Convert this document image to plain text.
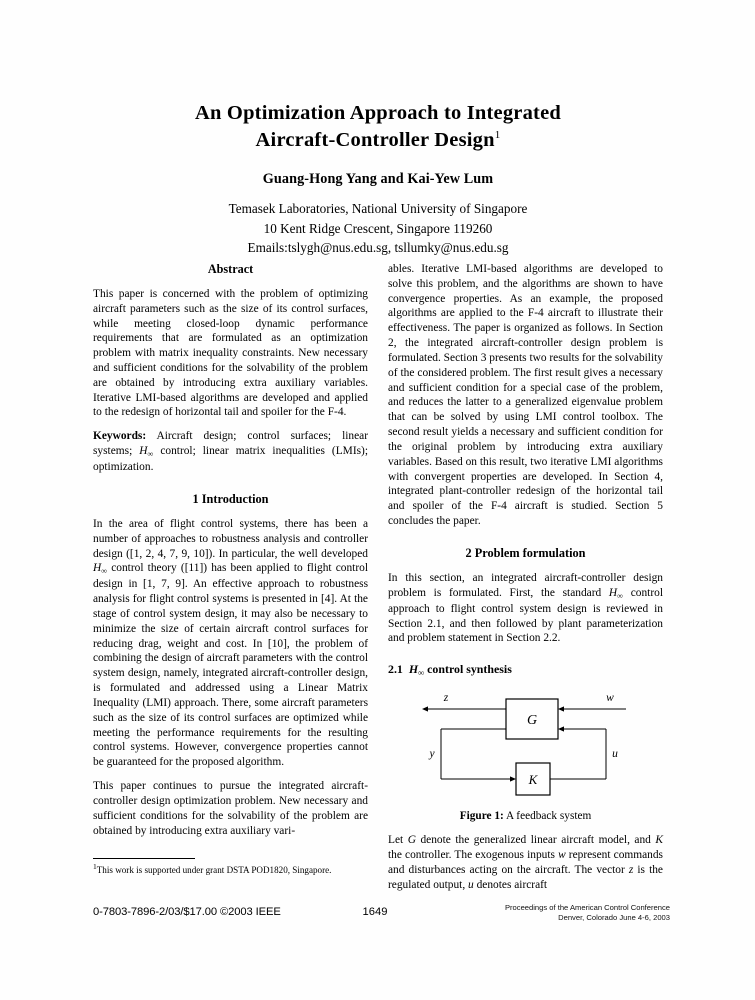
An Optimization Approach to Integrated
Aircraft-Controller Design$^1$
Guang-Hong Yang and Kai-Yew Lum
Temasek Laboratories, National University of Singapore
10 Kent Ridge Crescent, Singapore 119260
Emails:tslygh@nus.edu.sg, tsllumky@nus.edu.sg
Abstract

This paper is concerned with the problem of optimizing aircraft parameters such as the size of its control surfaces, while meeting closed-loop dynamic performance requirements that are formulated as an optimization problem with matrix inequality constraints. New necessary and sufficient conditions for the solvability of the problem are obtained by introducing extra auxiliary variables. Iterative LMI-based algorithms are developed and applied to the redesign of horizontal tail and spoiler for the F-4.

Keywords: Aircraft design; control surfaces; linear systems; $H_\infty$ control; linear matrix inequalities (LMIs); optimization.

1 Introduction

In the area of flight control systems, there has been a number of approaches to robustness analysis and controller design ([1, 2, 4, 7, 9, 10]). In particular, the well developed $H_\infty$ control theory ([11]) has been applied to flight control design in [1, 7, 9]. An effective approach to robustness analysis for flight control systems is presented in [4]. At the stage of control system design, it may also be necessary to minimize the size of certain aircraft control surfaces for reducing drag, weight and cost. In [10], the problem of combining the design of aircraft parameters with the control system design, namely, integrated aircraft-controller design, is formulated and addressed using a Linear Matrix Inequality (LMI) approach. There, some aircraft parameters such as the size of its control surfaces are optimized while meeting the performance requirements for the resulting control systems. However, convergence properties cannot be guaranteed for the proposed algorithm.

This paper continues to pursue the integrated aircraft-controller design optimization problem. New necessary and sufficient conditions for the solvability of the problem are obtained by introducing extra auxiliary vari-

$^1$This work is supported under grant DSTA POD1820, Singapore.

ables. Iterative LMI-based algorithms are developed to solve this problem, and the algorithms are shown to have convergence properties. As an example, the proposed algorithms are applied to the F-4 aircraft to illustrate their effectiveness. The paper is organized as follows. In Section 2, the integrated aircraft-controller design problem is formulated. Section 3 presents two results for the solvability of the considered problem. The first result gives a necessary and sufficient condition for a special case of the problem, and reduces the latter to a generalized eigenvalue problem that can be solved by using LMI control toolbox. The second result yields a necessary and sufficient condition for the original problem by introducing extra auxiliary variables. Based on this result, two iterative LMI algorithms with convergent properties are developed. In Section 4, integrated plant-controller redesign of the horizontal tail and spoiler of the F-4 aircraft is studied. Section 5 concludes the paper.

2 Problem formulation

In this section, an integrated aircraft-controller design problem is formulated. First, the standard $H_\infty$ control approach to flight control system design is reviewed in Section 2.1, and then followed by plant parameterization and problem statement in Section 2.2.

2.1 $H_\infty$ control synthesis
G
K
z	w
y	u
Figure 1: A feedback system

Let G denote the generalized linear aircraft model, and K the controller. The exogenous inputs w represent commands and disturbances acting on the aircraft. The vector z is the regulated output, u denotes aircraft

0-7803-7896-2/03/$17.00 ©2003 IEEE	1649	Proceedings of the American Control Conference
Denver, Colorado June 4-6, 2003
